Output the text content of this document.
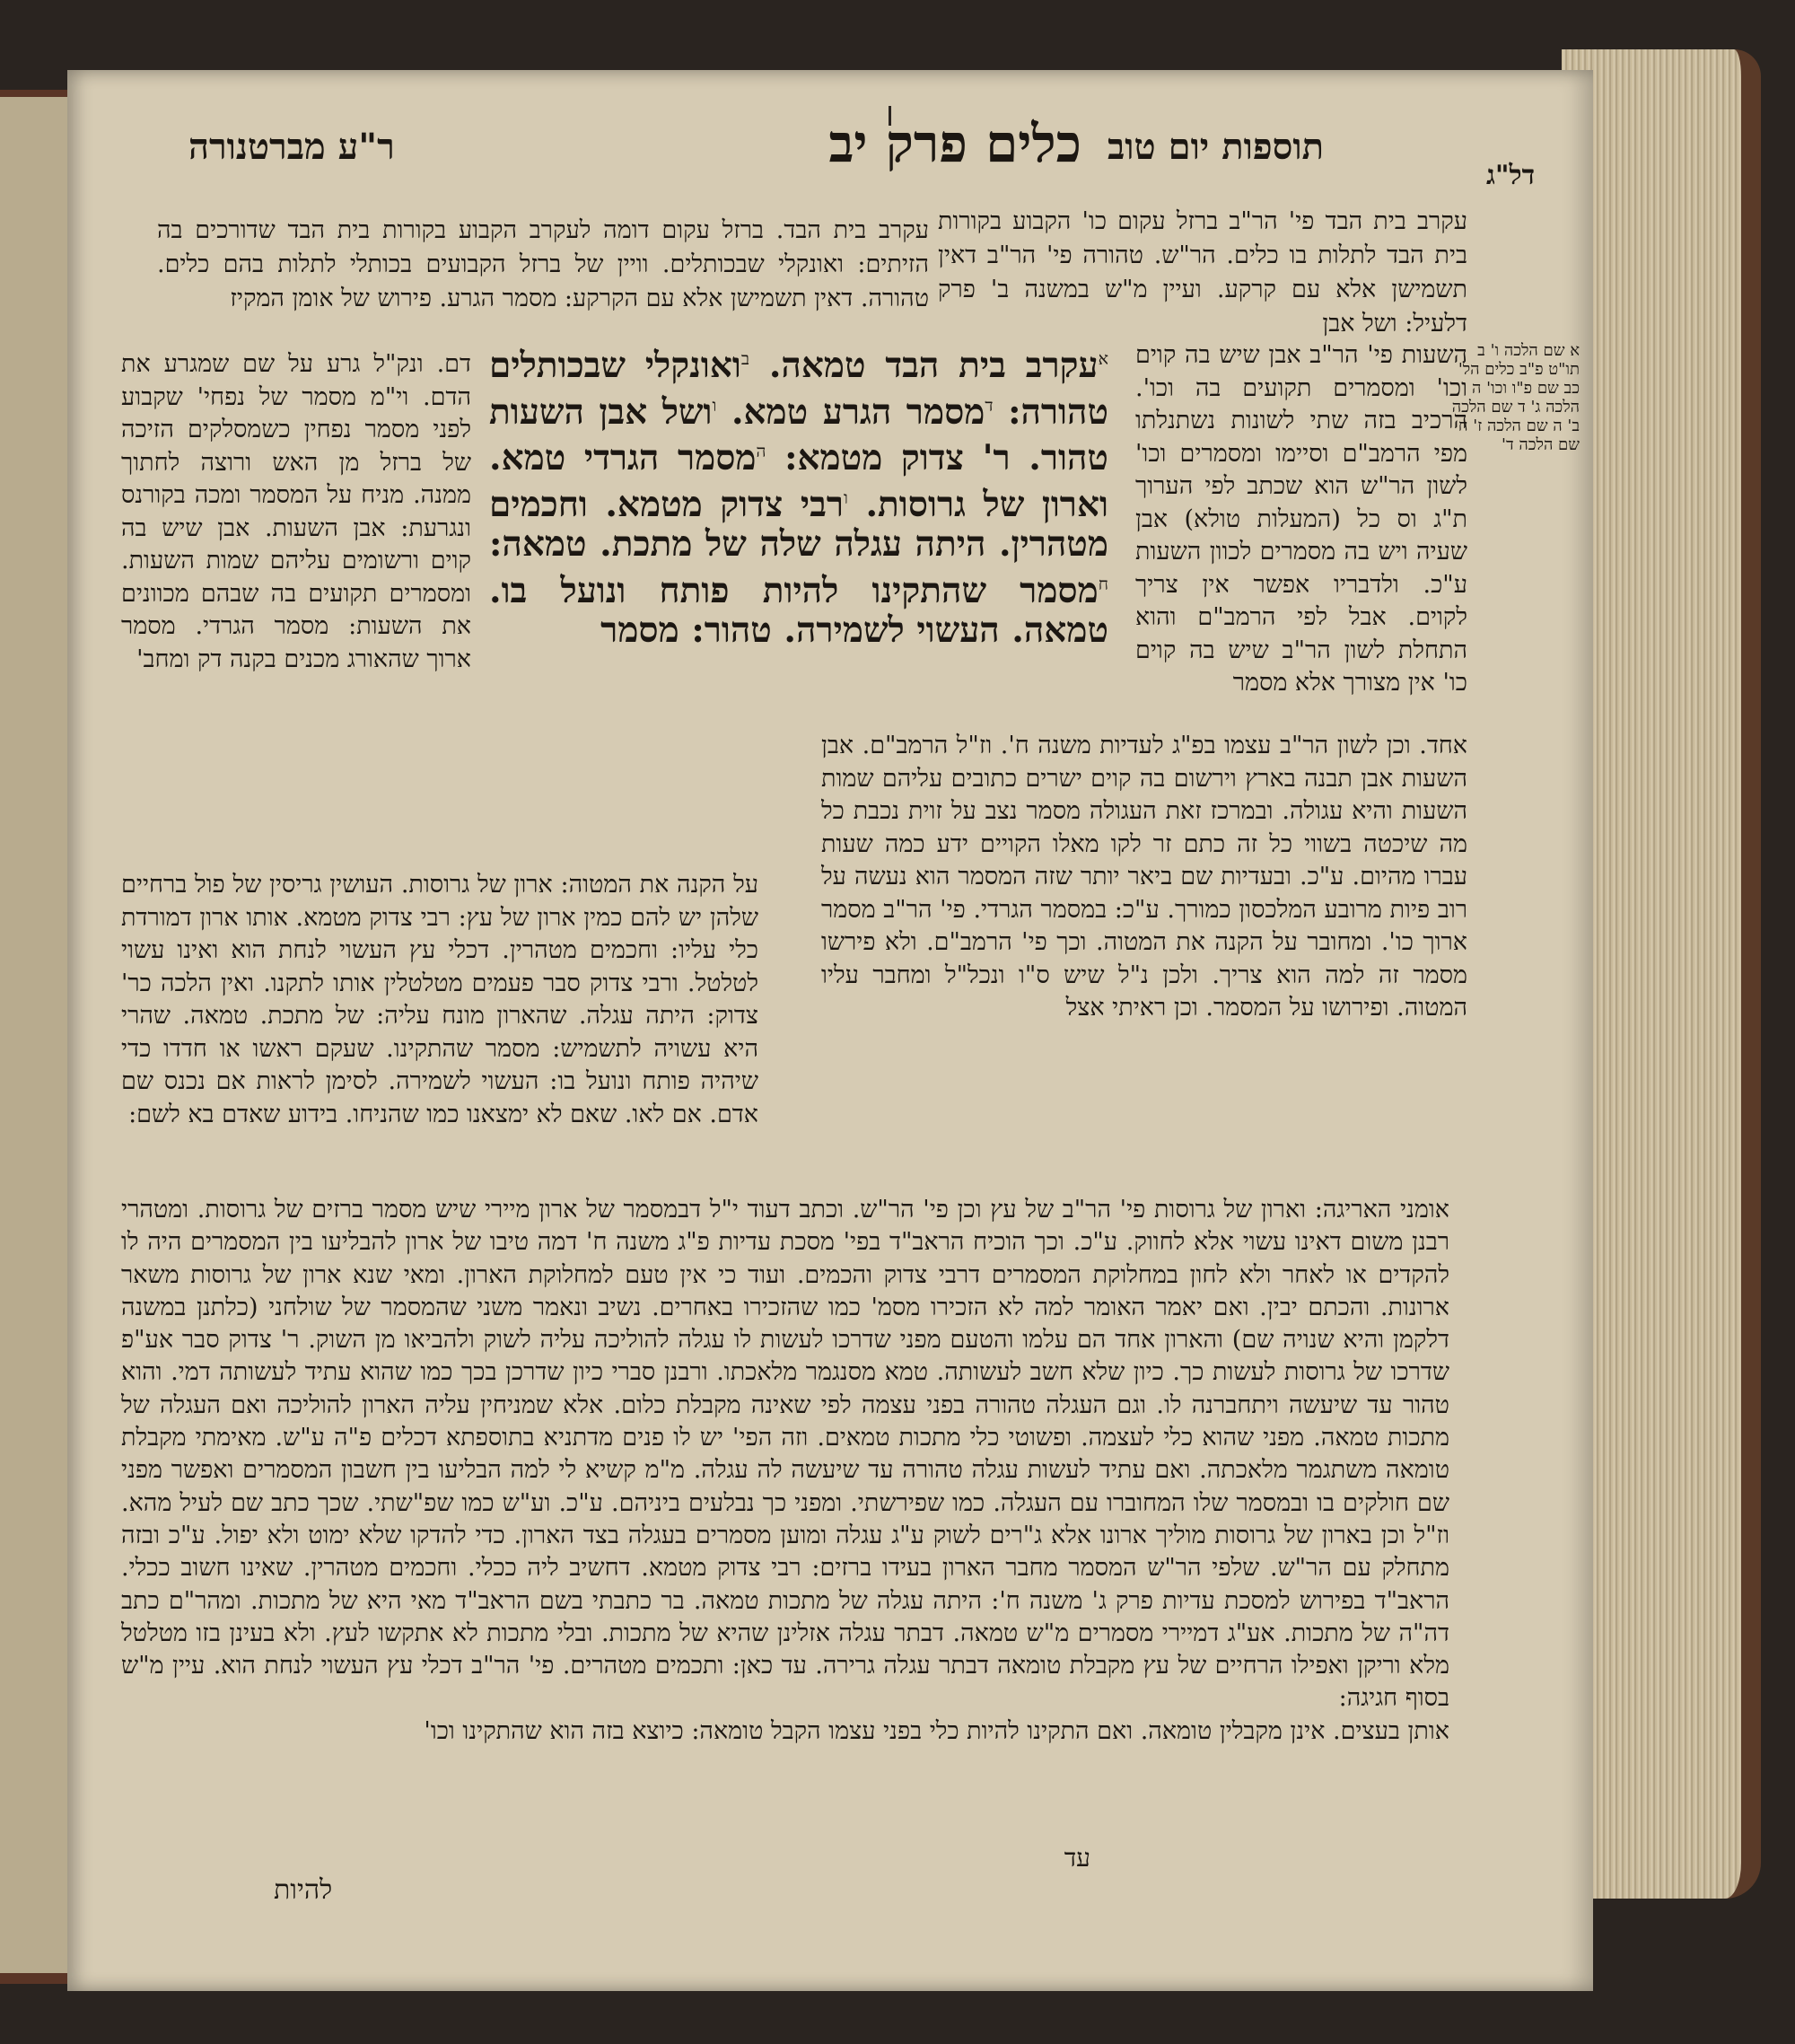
דל"ג
תוספות יום טוב
כלים פרק יב
ר"ע מברטנורה

עקרב בית הבד פי' הר"ב ברזל עקום כו' הקבוע בקורות בית הבד לתלות בו כלים. הר"ש. טהורה פי' הר"ב דאין תשמישן אלא עם קרקע. ועיין מ"ש במשנה ב' פרק דלעיל: ושל אבן

עקרב בית הבד. ברזל עקום דומה לעקרב הקבוע בקורות בית הבד שדורכים בה הזיתים: ואונקלי שבכותלים. וויין של ברזל הקבועים בכותלי לתלות בהם כלים. טהורה. דאין תשמישן אלא עם הקרקע: מסמר הגרע. פירוש של אומן המקיז

השעות פי' הר"ב אבן שיש בה קוים וכו' ומסמרים תקועים בה וכו'. הרכיב בזה שתי לשונות נשתנלתו מפי הרמב"ם וסיימו ומסמרים וכו' לשון הר"ש הוא שכתב לפי הערוך ת"ג וס כל (המעלות טולא) אבן שעיה ויש בה מסמרים לכוון השעות ע"כ. ולדבריו אפשר אין צריך לקוים. אבל לפי הרמב"ם והוא התחלת לשון הר"ב שיש בה קוים כו' אין מצורך אלא מסמר

$^א$עקרב בית הבד טמאה. $^ב$ואונקלי שבכותלים טהורה: $^ד$מסמר הגרע טמא. $^ו$ושל אבן השעות טהור. ר' צדוק מטמא: $^ה$מסמר הגרדי טמא. וארון של גרוסות. $^ו$רבי צדוק מטמא. וחכמים מטהרין. היתה עגלה שלה של מתכת. טמאה: $^ח$מסמר שהתקינו להיות פותח ונועל בו. טמאה. העשוי לשמירה. טהור: מסמר

דם. ונק"ל גרע על שם שמגרע את הדם. וי"מ מסמר של נפחי' שקבוע לפני מסמר נפחין כשמסלקים הזיכה של ברזל מן האש ורוצה לחתוך ממנה. מניח על המסמר ומכה בקורנס ונגרעת: אבן השעות. אבן שיש בה קוים ורשומים עליהם שמות השעות. ומסמרים תקועים בה שבהם מכוונים את השעות: מסמר הגרדי. מסמר ארוך שהאורג מכנים בקנה דק ומחב'

אחד. וכן לשון הר"ב עצמו בפ"ג לעדיות משנה ח'. וז"ל הרמב"ם. אבן השעות אבן תבנה בארץ וירשום בה קוים ישרים כתובים עליהם שמות השעות והיא עגולה. ובמרכז זאת העגולה מסמר נצב על זוית נכבת כל מה שיכטה בשווי כל זה כתם זר לקו מאלו הקויים ידע כמה שעות עברו מהיום. ע"כ. ובעדיות שם ביאר יותר שזה המסמר הוא נעשה על רוב פיות מרובע המלכסון כמורך. ע"כ: במסמר הגרדי. פי' הר"ב מסמר ארוך כו'. ומחובר על הקנה את המטוה. וכך פי' הרמב"ם. ולא פירשו מסמר זה למה הוא צריך. ולכן נ"ל שיש ס"ו ונכל"ל ומחבר עליו המטוה. ופירושו על המסמר. וכן ראיתי אצל

על הקנה את המטוה: ארון של גרוסות. העושין גריסין של פול ברחיים שלהן יש להם כמין ארון של עץ: רבי צדוק מטמא. אותו ארון דמורדת כלי עליו: וחכמים מטהרין. דכלי עץ העשוי לנחת הוא ואינו עשוי לטלטל. ורבי צדוק סבר פעמים מטלטלין אותו לתקנו. ואין הלכה כר' צדוק: היתה עגלה. שהארון מונח עליה: של מתכת. טמאה. שהרי היא עשויה לתשמיש: מסמר שהתקינו. שעקם ראשו או חדדו כדי שיהיה פותח ונועל בו: העשוי לשמירה. לסימן לראות אם נכנס שם אדם. אם לאו. שאם לא ימצאנו כמו שהניחו. בידוע שאדם בא לשם:

אומני האריגה: וארון של גרוסות פי' הר"ב של עץ וכן פי' הר"ש. וכתב דעוד י"ל דבמסמר של ארון מיירי שיש מסמר ברזים של גרוסות. ומטהרי רבנן משום דאינו עשוי אלא לחווק. ע"כ. וכך הוכיח הראב"ד בפי' מסכת עדיות פ"ג משנה ח' דמה טיבו של ארון להבליעו בין המסמרים היה לו להקדים או לאחר ולא לחון במחלוקת המסמרים דרבי צדוק והכמים. ועוד כי אין טעם למחלוקת הארון. ומאי שנא ארון של גרוסות משאר ארונות. והכתם יבין. ואם יאמר האומר למה לא הזכירו מסמ' כמו שהזכירו באחרים. נשיב ונאמר משני שהמסמר של שולחני (כלתנן במשנה דלקמן והיא שנויה שם) והארון אחד הם עלמו והטעם מפני שדרכו לעשות לו עגלה להוליכה עליה לשוק ולהביאו מן השוק. ר' צדוק סבר אע"פ שדרכו של גרוסות לעשות כך. כיון שלא חשב לעשותה. טמא מסנגמר מלאכתו. ורבנן סברי כיון שדרכן בכך כמו שהוא עתיד לעשותה דמי. והוא טהור עד שיעשה ויתחברנה לו. וגם העגלה טהורה בפני עצמה לפי שאינה מקבלת כלום. אלא שמניחין עליה הארון להוליכה ואם העגלה של מתכות טמאה. מפני שהוא כלי לעצמה. ופשוטי כלי מתכות טמאים. וזה הפי' יש לו פנים מדתניא בתוספתא דכלים פ"ה ע"ש. מאימתי מקבלת טומאה משתגמר מלאכתה. ואם עתיד לעשות עגלה טהורה עד שיעשה לה עגלה. מ"מ קשיא לי למה הבליעו בין חשבון המסמרים ואפשר מפני שם חולקים בו ובמסמר שלו המחוברו עם העגלה. כמו שפירשתי. ומפני כך נבלעים ביניהם. ע"כ. וע"ש כמו שפ"שתי. שכך כתב שם לעיל מהא. וז"ל וכן בארון של גרוסות מוליך ארונו אלא ג"רים לשוק ע"ג עגלה ומוען מסמרים בעגלה בצד הארון. כדי להדקו שלא ימוט ולא יפול. ע"כ ובזה מתחלק עם הר"ש. שלפי הר"ש המסמר מחבר הארון בעידו ברזים: רבי צדוק מטמא. דחשיב ליה ככלי. וחכמים מטהרין. שאינו חשוב ככלי. הראב"ד בפירוש למסכת עדיות פרק ג' משנה ח': היתה עגלה של מתכות טמאה. בר כתבתי בשם הראב"ד מאי היא של מתכות. ומהר"ם כתב דה"ה של מתכות. אע"ג דמיירי מסמרים מ"ש טמאה. דבתר עגלה אזלינן שהיא של מתכות. ובלי מתכות לא אתקשו לעץ. ולא בעינן בזו מטלטל מלא וריקן ואפילו הרחיים של עץ מקבלת טומאה דבתר עגלה גרירה. עד כאן: ותכמים מטהרים. פי' הר"ב דכלי עץ העשוי לנחת הוא. עיין מ"ש בסוף חגיגה:

אותן בעצים. אינן מקבלין טומאה. ואם התקינו להיות כלי בפני עצמו הקבל טומאה: כיוצא בזה הוא שהתקינו וכו'

עד
להיות
א שם הלכה ו' ב תו"ט פ"ב כלים הל' כב שם פ"ו וכו' ה הלכה ג' ד שם הלכה ב' ה שם הלכה ז' ח שם הלכה ד'
